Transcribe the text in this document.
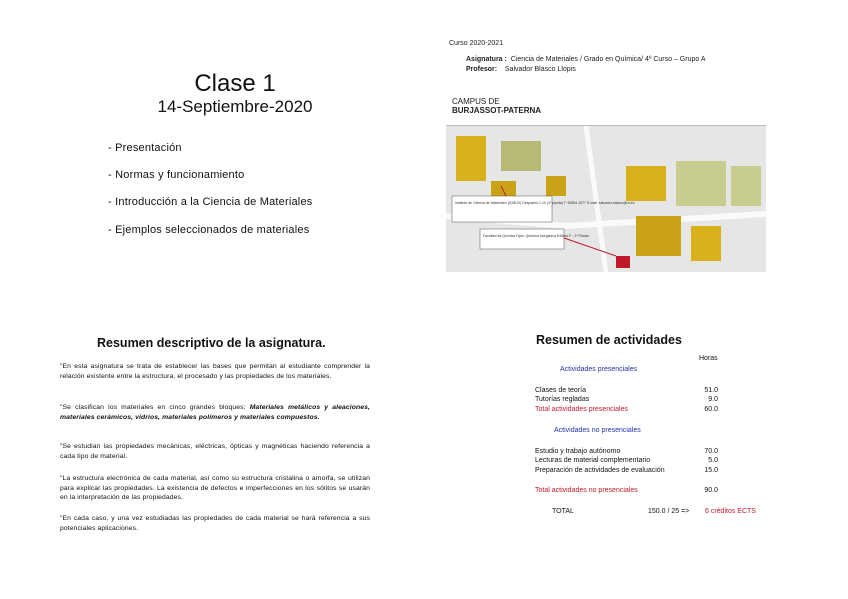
Clase 1
14-Septiembre-2020
- Presentación
- Normas y funcionamiento
- Introducción a la Ciencia de Materiales
- Ejemplos seleccionados de materiales
Curso 2020-2021
Asignatura : Ciencia de Materiales / Grado en Química/ 4º Curso – Grupo A
Profesor: Salvador Blasco Llopis
CAMPUS DE
BURJASSOT-PATERNA
Instituto de Ciencia de Materiales (ICMUV) Despacho 1.10 (1ª planta) T. 96354 4377 E-mail: salvador.blasco@uv.es
Facultad de Química Dpto. Química Inorgánica Edificio F · 2ª Planta
Resumen descriptivo de la asignatura.
"En esta asignatura se trata de establecer las bases que permitan al estudiante comprender la relación existente entre la estructura, el procesado y las propiedades de los materiales.
"Se clasifican los materiales en cinco grandes bloques: Materiales metálicos y aleaciones, materiales cerámicos, vidrios, materiales polímeros y materiales compuestos.
"Se estudian las propiedades mecánicas, eléctricas, ópticas y magnéticas haciendo referencia a cada tipo de material.
"La estructura electrónica de cada material, así como su estructura cristalina o amorfa, se utilizan para explicar las propiedades. La existencia de defectos e imperfecciones en los sólitos se usarán en la interpretación de las propiedades.
"En cada caso, y una vez estudiadas las propiedades de cada material se hará referencia a sus potenciales aplicaciones.
Resumen de actividades
Horas
Actividades presenciales
Clases de teoría	51.0
Tutorías regladas	9.0
Total actividades presenciales	60.0
Actividades no presenciales
Estudio y trabajo autónomo	70.0
Lecturas de material complementario	5.0
Preparación de actividades de evaluación	15.0
Total actividades no presenciales	90.0
TOTAL	150.0 / 25 => 6 créditos ECTS
